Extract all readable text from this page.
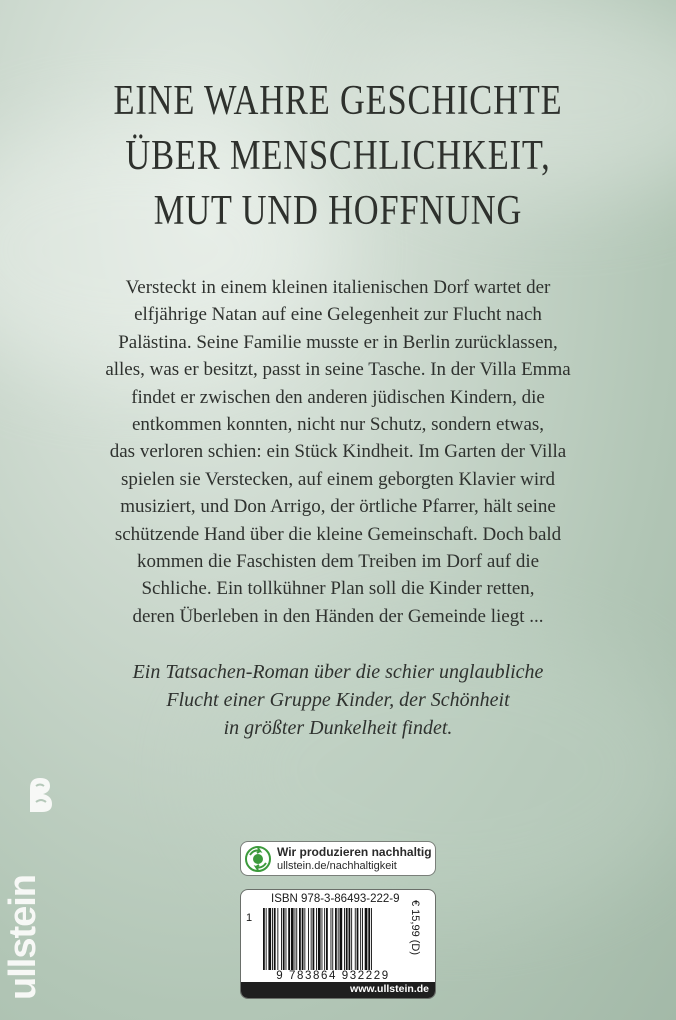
EINE WAHRE GESCHICHTE
ÜBER MENSCHLICHKEIT,
MUT UND HOFFNUNG
Versteckt in einem kleinen italienischen Dorf wartet der
elfjährige Natan auf eine Gelegenheit zur Flucht nach
Palästina. Seine Familie musste er in Berlin zurücklassen,
alles, was er besitzt, passt in seine Tasche. In der Villa Emma
findet er zwischen den anderen jüdischen Kindern, die
entkommen konnten, nicht nur Schutz, sondern etwas,
das verloren schien: ein Stück Kindheit. Im Garten der Villa
spielen sie Verstecken, auf einem geborgten Klavier wird
musiziert, und Don Arrigo, der örtliche Pfarrer, hält seine
schützende Hand über die kleine Gemeinschaft. Doch bald
kommen die Faschisten dem Treiben im Dorf auf die
Schliche. Ein tollkühner Plan soll die Kinder retten,
deren Überleben in den Händen der Gemeinde liegt ...
Ein Tatsachen-Roman über die schier unglaubliche
Flucht einer Gruppe Kinder, der Schönheit
in größter Dunkelheit findet.
ullstein
Wir produzieren nachhaltig
ullstein.de/nachhaltigkeit
ISBN 978-3-86493-222-9
1
9 783864 932229
€ 15,99 (D)
www.ullstein.de
